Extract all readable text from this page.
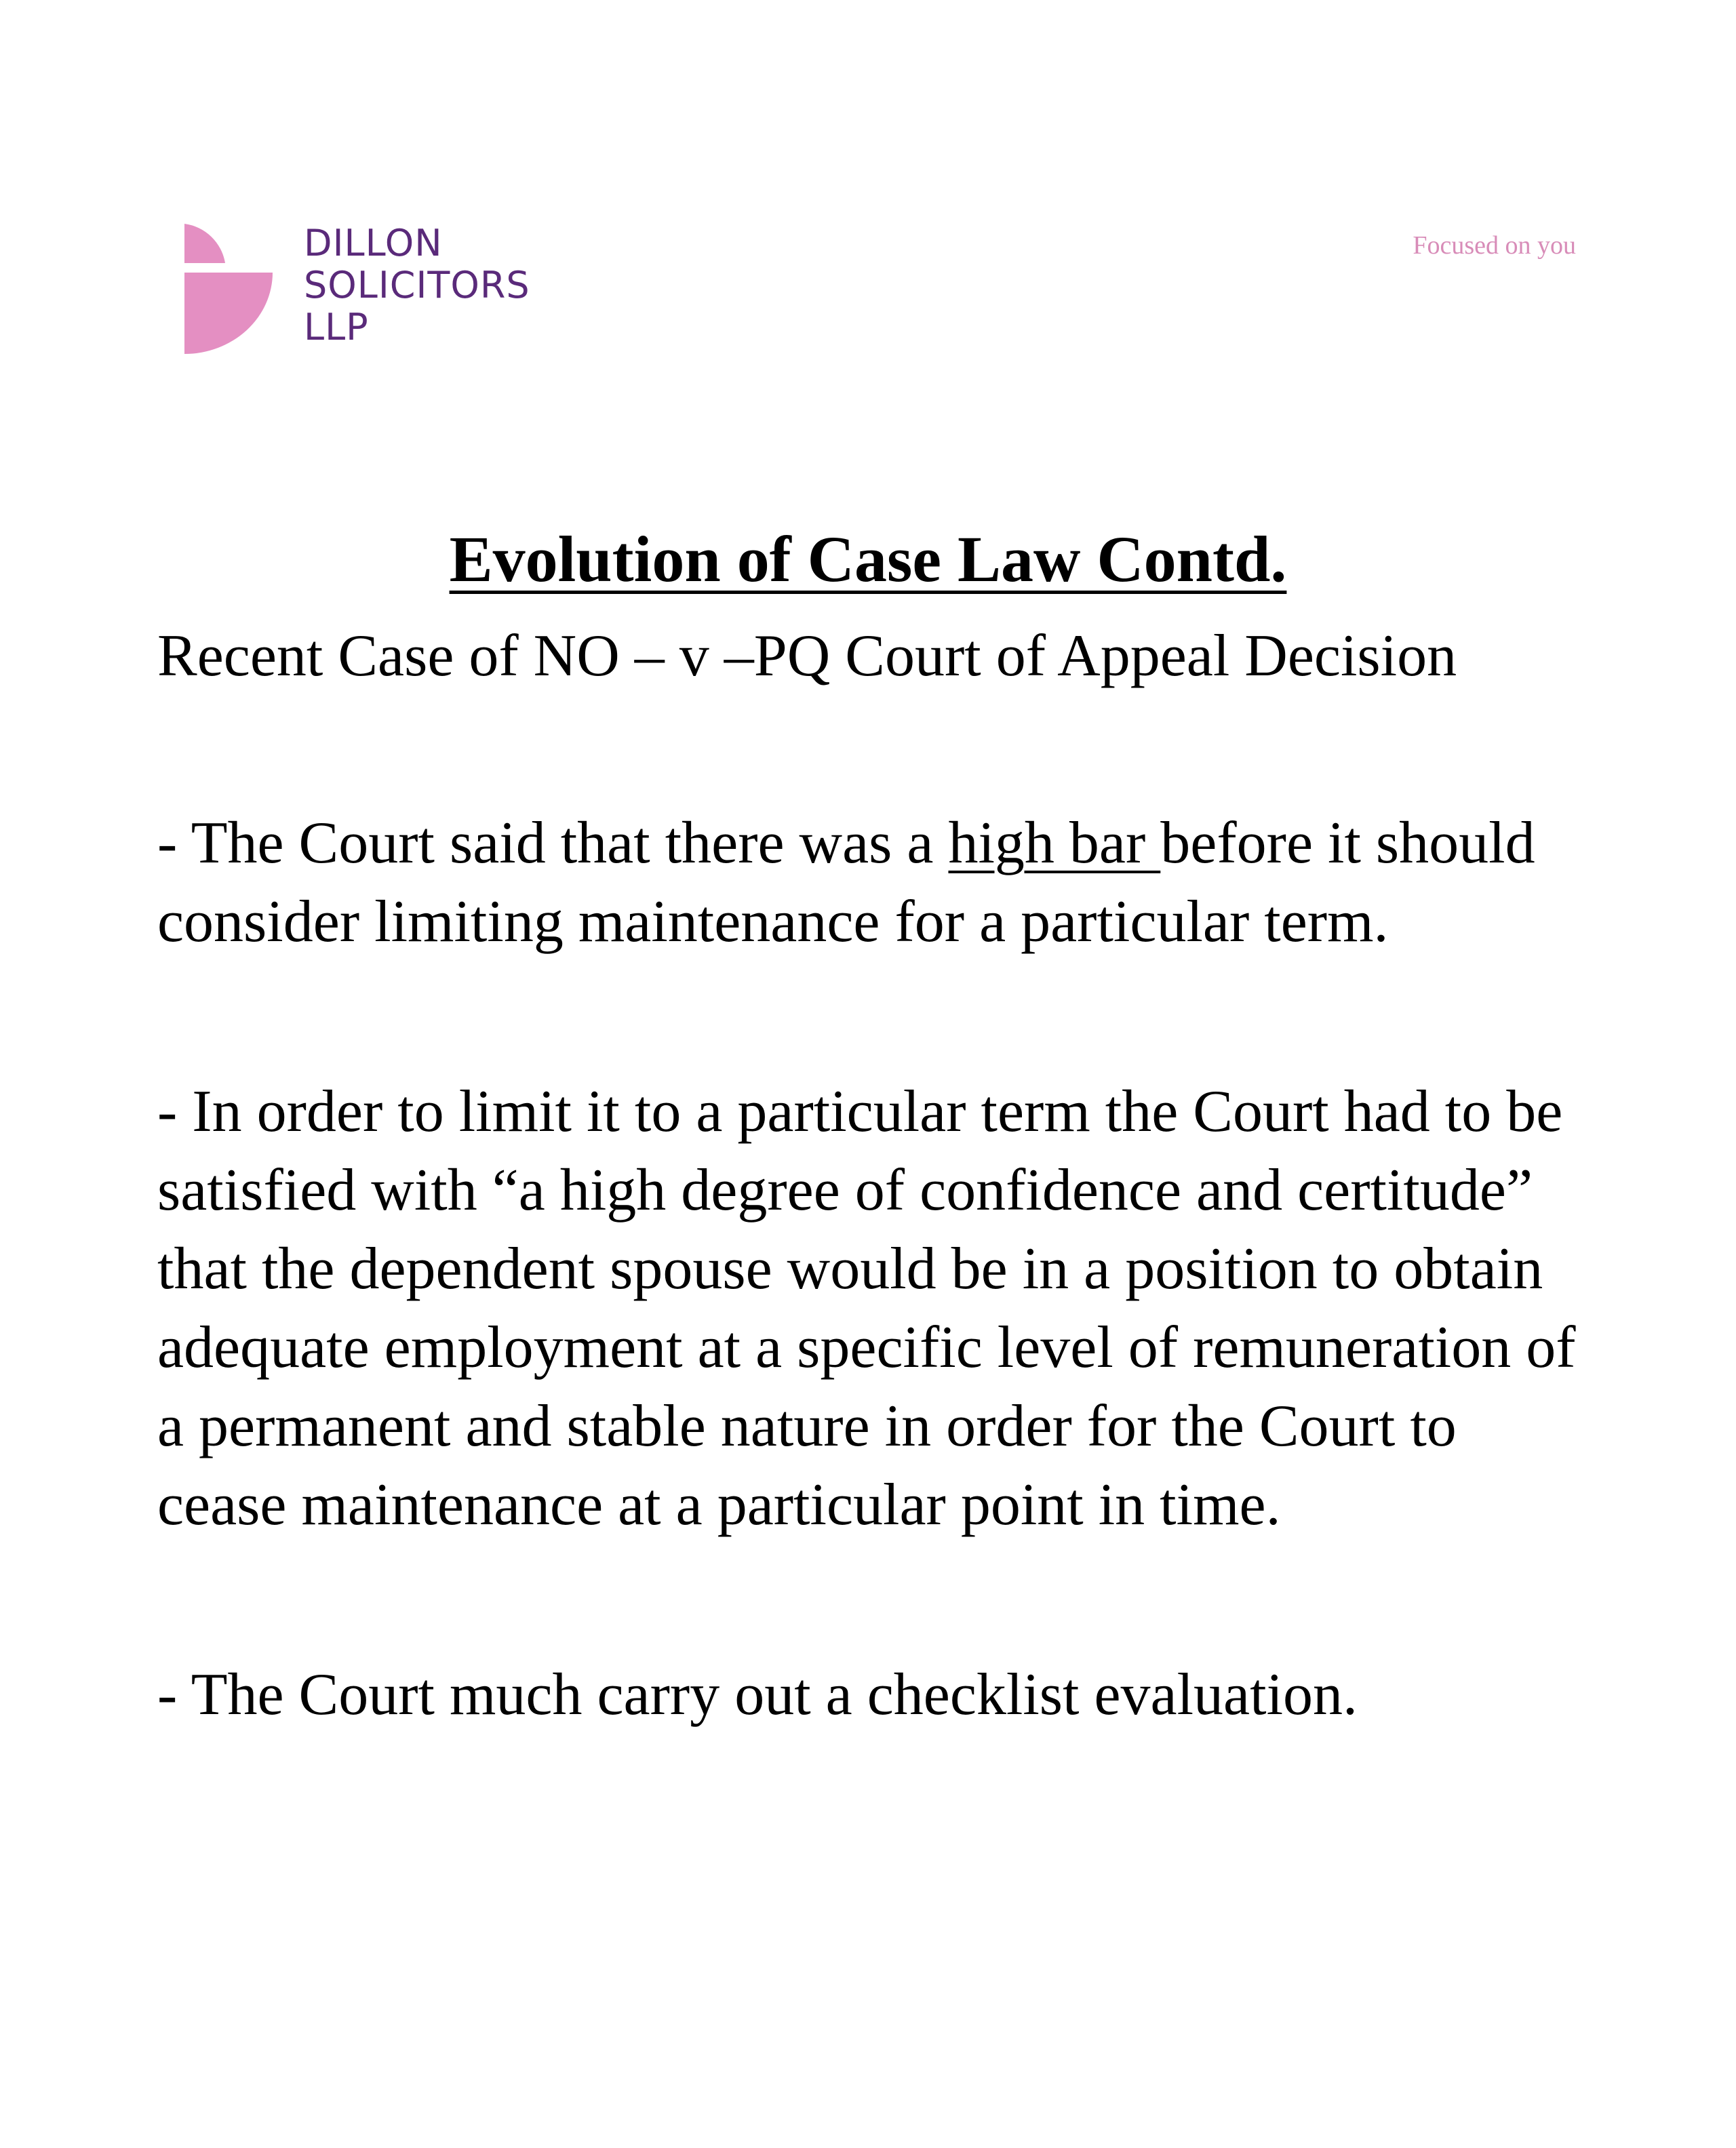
DILLON
SOLICITORS
LLP
Focused on you
Evolution of Case Law Contd.

Recent Case of NO – v –PQ Court of Appeal Decision

- The Court said that there was a high bar before it should consider limiting maintenance for a particular term.

- In order to limit it to a particular term the Court had to be satisfied with “a high degree of confidence and certitude” that the dependent spouse would be in a position to obtain adequate employment at a specific level of remuneration of a permanent and stable nature in order for the Court to cease maintenance at a particular point in time.

- The Court much carry out a checklist evaluation.
